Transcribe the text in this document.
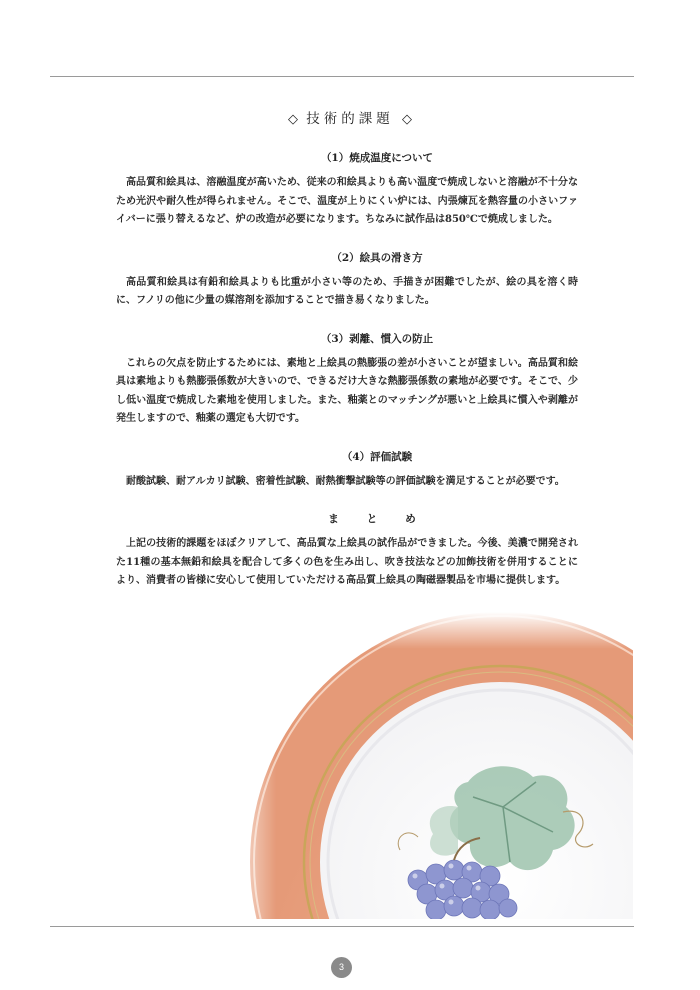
◇ 技術的課題 ◇
（1）焼成温度について

高品質和絵具は、溶融温度が高いため、従来の和絵具よりも高い温度で焼成しないと溶融が不十分なため光沢や耐久性が得られません。そこで、温度が上りにくい炉には、内張煉瓦を熱容量の小さいファイバーに張り替えるなど、炉の改造が必要になります。ちなみに試作品は850℃で焼成しました。

（2）絵具の滑き方

高品質和絵具は有鉛和絵具よりも比重が小さい等のため、手描きが困難でしたが、絵の具を溶く時に、フノリの他に少量の媒溶剤を添加することで描き易くなりました。

（3）剥離、慣入の防止

これらの欠点を防止するためには、素地と上絵具の熱膨張の差が小さいことが望ましい。高品質和絵具は素地よりも熱膨張係数が大きいので、できるだけ大きな熱膨張係数の素地が必要です。そこで、少し低い温度で焼成した素地を使用しました。また、釉薬とのマッチングが悪いと上絵具に慣入や剥離が発生しますので、釉薬の選定も大切です。

（4）評価試験

耐酸試験、耐アルカリ試験、密着性試験、耐熱衝撃試験等の評価試験を満足することが必要です。

まとめ

上記の技術的課題をほぼクリアして、高品質な上絵具の試作品ができました。今後、美濃で開発された11種の基本無鉛和絵具を配合して多くの色を生み出し、吹き技法などの加飾技術を併用することにより、消費者の皆様に安心して使用していただける高品質上絵具の陶磁器製品を市場に提供します。

3
